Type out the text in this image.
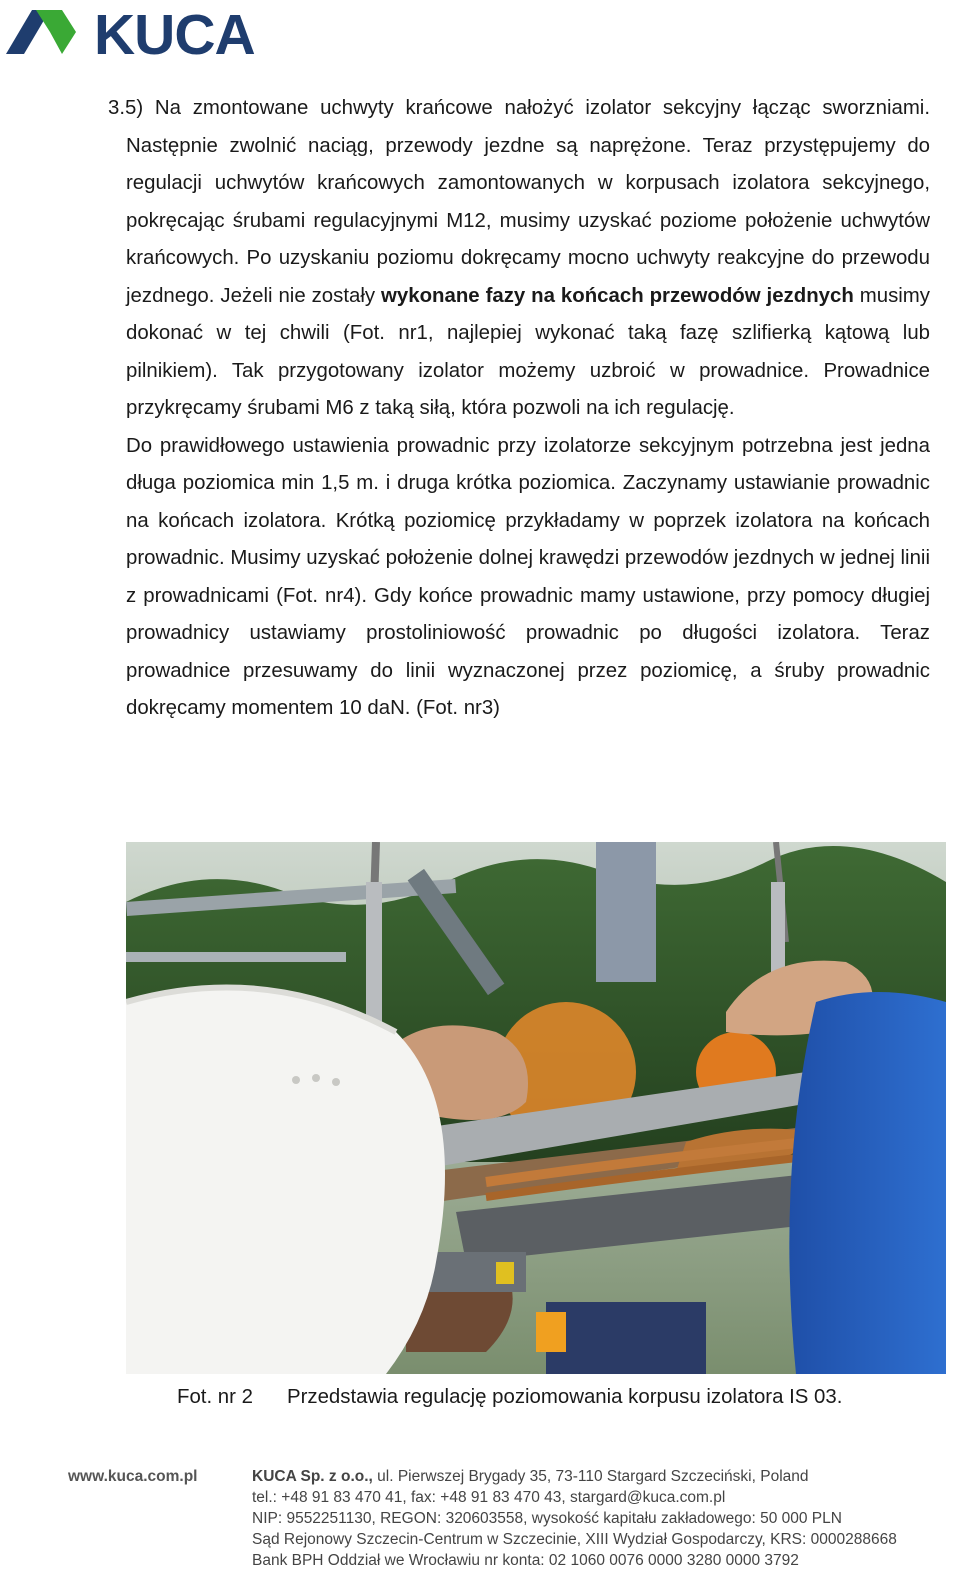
KUCA

3.5) Na zmontowane uchwyty krańcowe nałożyć izolator sekcyjny łącząc sworzniami. Następnie zwolnić naciąg, przewody jezdne są naprężone. Teraz przystępujemy do regulacji uchwytów krańcowych zamontowanych w korpusach izolatora sekcyjnego, pokręcając śrubami regulacyjnymi M12, musimy uzyskać poziome położenie uchwytów krańcowych. Po uzyskaniu poziomu dokręcamy mocno uchwyty reakcyjne do przewodu jezdnego. Jeżeli nie zostały wykonane fazy na końcach przewodów jezdnych musimy dokonać w tej chwili (Fot. nr1, najlepiej wykonać taką fazę szlifierką kątową lub pilnikiem). Tak przygotowany izolator możemy uzbroić w prowadnice. Prowadnice przykręcamy śrubami M6 z taką siłą, która pozwoli na ich regulację.

Do prawidłowego ustawienia prowadnic przy izolatorze sekcyjnym potrzebna jest jedna długa poziomica min 1,5 m. i druga krótka poziomica. Zaczynamy ustawianie prowadnic na końcach izolatora. Krótką poziomicę przykładamy w poprzek izolatora na końcach prowadnic. Musimy uzyskać położenie dolnej krawędzi przewodów jezdnych w jednej linii z prowadnicami (Fot. nr4). Gdy końce prowadnic mamy ustawione, przy pomocy długiej prowadnicy ustawiamy prostoliniowość prowadnic po długości izolatora. Teraz prowadnice przesuwamy do linii wyznaczonej przez poziomicę, a śruby prowadnic dokręcamy momentem 10 daN. (Fot. nr3)

Fot. nr 2 Przedstawia regulację poziomowania korpusu izolatora IS 03.
www.kuca.com.pl	KUCA Sp. z o.o., ul. Pierwszej Brygady 35, 73-110 Stargard Szczeciński, Poland
tel.: +48 91 83 470 41, fax: +48 91 83 470 43, stargard@kuca.com.pl
NIP: 9552251130, REGON: 320603558, wysokość kapitału zakładowego: 50 000 PLN
Sąd Rejonowy Szczecin-Centrum w Szczecinie, XIII Wydział Gospodarczy, KRS: 0000288668
Bank BPH Oddział we Wrocławiu nr konta: 02 1060 0076 0000 3280 0000 3792
